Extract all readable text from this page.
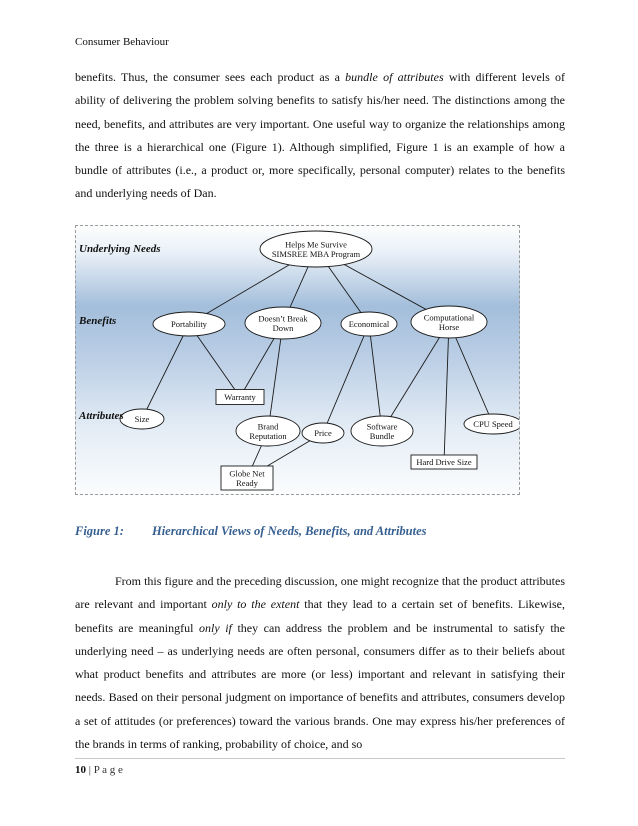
Consumer Behaviour
benefits. Thus, the consumer sees each product as a bundle of attributes with different levels of ability of delivering the problem solving benefits to satisfy his/her need. The distinctions among the need, benefits, and attributes are very important. One useful way to organize the relationships among the three is a hierarchical one (Figure 1). Although simplified, Figure 1 is an example of how a bundle of attributes (i.e., a product or, more specifically, personal computer) relates to the benefits and underlying needs of Dan.
Helps Me Survive
SIMSREE MBA Program
Portability
Doesn’t Break
Down	Economical
Computational
Horse
Size
Warranty
Brand
Reputation	Price
Software
Bundle
CPU Speed
Hard Drive Size
Globe Net
Ready
Underlying Needs
Benefits
Attributes
Figure 1: Hierarchical Views of Needs, Benefits, and Attributes
From this figure and the preceding discussion, one might recognize that the product attributes are relevant and important only to the extent that they lead to a certain set of benefits. Likewise, benefits are meaningful only if they can address the problem and be instrumental to satisfy the underlying need – as underlying needs are often personal, consumers differ as to their beliefs about what product benefits and attributes are more (or less) important and relevant in satisfying their needs. Based on their personal judgment on importance of benefits and attributes, consumers develop a set of attitudes (or preferences) toward the various brands. One may express his/her preferences of the brands in terms of ranking, probability of choice, and so
10 | P a g e
